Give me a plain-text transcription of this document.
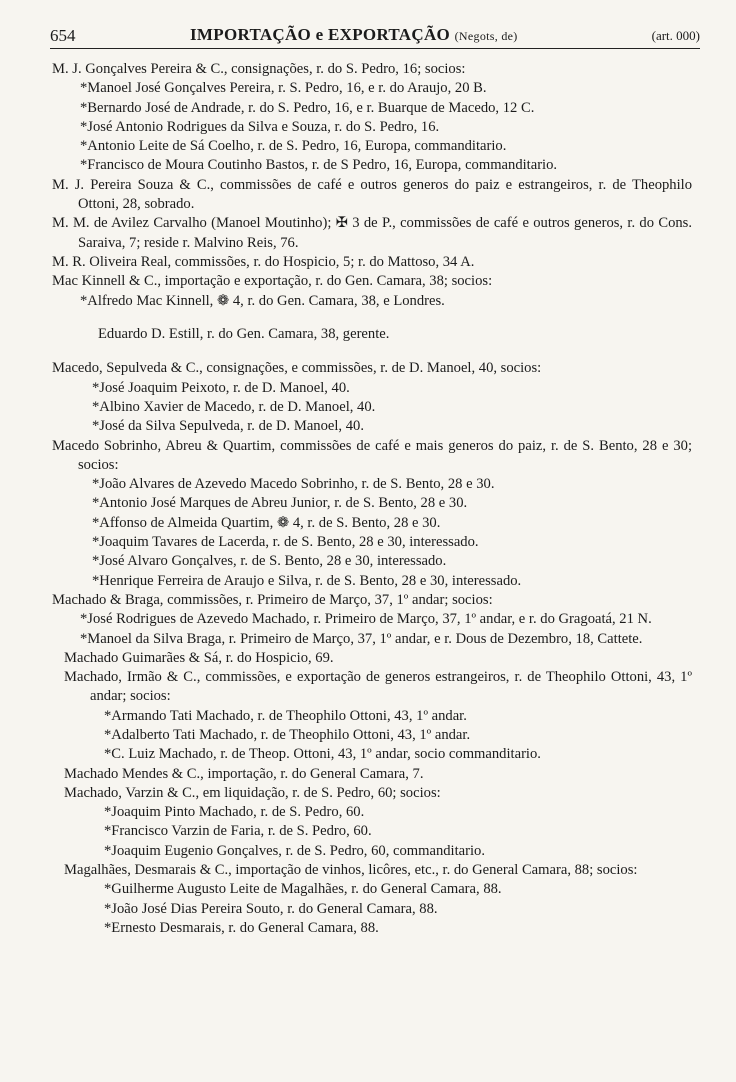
654	IMPORTAÇÃO e EXPORTAÇÃO (Negots, de)	(art. 000)

M. J. Gonçalves Pereira & C., consignações, r. do S. Pedro, 16; socios:

*Manoel José Gonçalves Pereira, r. S. Pedro, 16, e r. do Araujo, 20 B.

*Bernardo José de Andrade, r. do S. Pedro, 16, e r. Buarque de Macedo, 12 C.

*José Antonio Rodrigues da Silva e Souza, r. do S. Pedro, 16.

*Antonio Leite de Sá Coelho, r. de S. Pedro, 16, Europa, commanditario.

*Francisco de Moura Coutinho Bastos, r. de S Pedro, 16, Europa, commanditario.

M. J. Pereira Souza & C., commissões de café e outros generos do paiz e estrangeiros, r. de Theophilo Ottoni, 28, sobrado.

M. M. de Avilez Carvalho (Manoel Moutinho); ✠ 3 de P., commissões de café e outros generos, r. do Cons. Saraiva, 7; reside r. Malvino Reis, 76.

M. R. Oliveira Real, commissões, r. do Hospicio, 5; r. do Mattoso, 34 A.

Mac Kinnell & C., importação e exportação, r. do Gen. Camara, 38; socios:

*Alfredo Mac Kinnell, ❁ 4, r. do Gen. Camara, 38, e Londres.

Eduardo D. Estill, r. do Gen. Camara, 38, gerente.

Macedo, Sepulveda & C., consignações, e commissões, r. de D. Manoel, 40, socios:

*José Joaquim Peixoto, r. de D. Manoel, 40.

*Albino Xavier de Macedo, r. de D. Manoel, 40.

*José da Silva Sepulveda, r. de D. Manoel, 40.

Macedo Sobrinho, Abreu & Quartim, commissões de café e mais generos do paiz, r. de S. Bento, 28 e 30; socios:

*João Alvares de Azevedo Macedo Sobrinho, r. de S. Bento, 28 e 30.

*Antonio José Marques de Abreu Junior, r. de S. Bento, 28 e 30.

*Affonso de Almeida Quartim, ❁ 4, r. de S. Bento, 28 e 30.

*Joaquim Tavares de Lacerda, r. de S. Bento, 28 e 30, interessado.

*José Alvaro Gonçalves, r. de S. Bento, 28 e 30, interessado.

*Henrique Ferreira de Araujo e Silva, r. de S. Bento, 28 e 30, interessado.

Machado & Braga, commissões, r. Primeiro de Março, 37, 1º andar; socios:

*José Rodrigues de Azevedo Machado, r. Primeiro de Março, 37, 1º andar, e r. do Gragoatá, 21 N.

*Manoel da Silva Braga, r. Primeiro de Março, 37, 1º andar, e r. Dous de Dezembro, 18, Cattete.

Machado Guimarães & Sá, r. do Hospicio, 69.

Machado, Irmão & C., commissões, e exportação de generos estrangeiros, r. de Theophilo Ottoni, 43, 1º andar; socios:

*Armando Tati Machado, r. de Theophilo Ottoni, 43, 1º andar.

*Adalberto Tati Machado, r. de Theophilo Ottoni, 43, 1º andar.

*C. Luiz Machado, r. de Theop. Ottoni, 43, 1º andar, socio commanditario.

Machado Mendes & C., importação, r. do General Camara, 7.

Machado, Varzin & C., em liquidação, r. de S. Pedro, 60; socios:

*Joaquim Pinto Machado, r. de S. Pedro, 60.

*Francisco Varzin de Faria, r. de S. Pedro, 60.

*Joaquim Eugenio Gonçalves, r. de S. Pedro, 60, commanditario.

Magalhães, Desmarais & C., importação de vinhos, licôres, etc., r. do General Camara, 88; socios:

*Guilherme Augusto Leite de Magalhães, r. do General Camara, 88.

*João José Dias Pereira Souto, r. do General Camara, 88.

*Ernesto Desmarais, r. do General Camara, 88.
